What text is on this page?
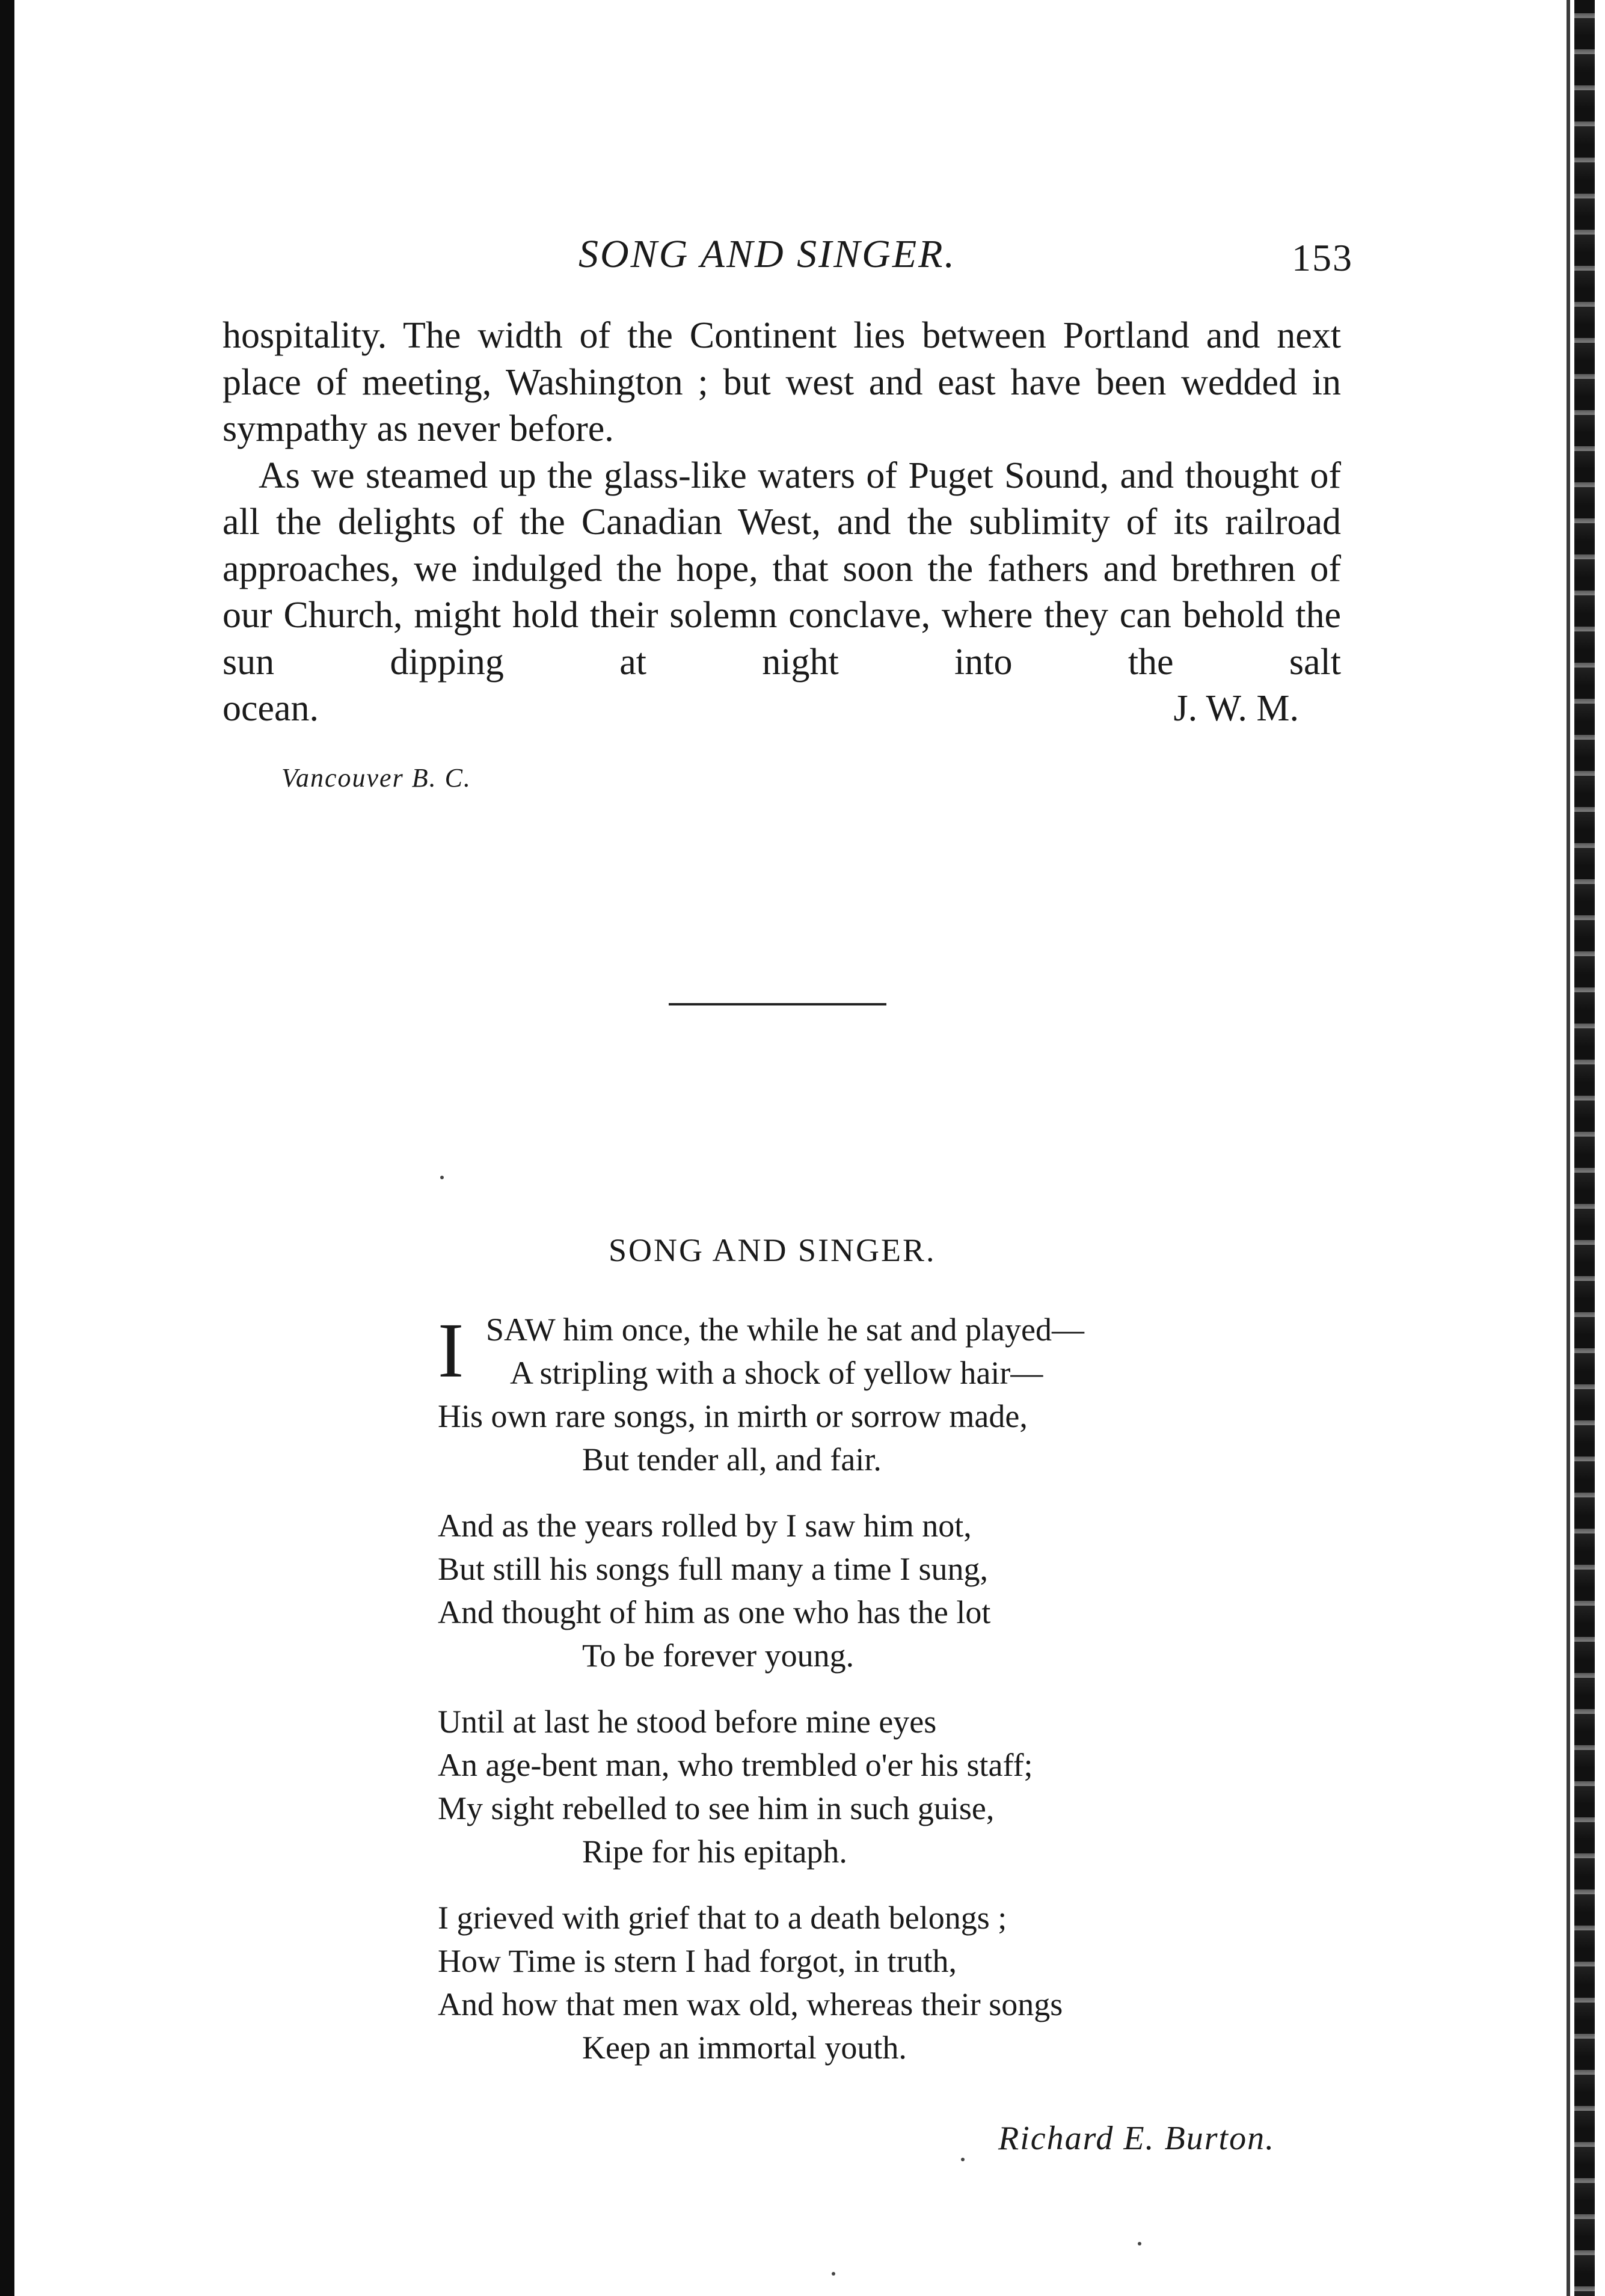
SONG AND SINGER.	153

hospitality. The width of the Continent lies between Portland and next place of meeting, Washington ; but west and east have been wedded in sympathy as never before.

As we steamed up the glass-like waters of Puget Sound, and thought of all the delights of the Canadian West, and the sublimity of its railroad approaches, we indulged the hope, that soon the fathers and brethren of our Church, might hold their solemn conclave, where they can behold the sun dipping at night into the salt

ocean.	J. W. M.
Vancouver B. C.
SONG AND SINGER.
I SAW him once, the while he sat and played—
A stripling with a shock of yellow hair—
His own rare songs, in mirth or sorrow made,
But tender all, and fair.
And as the years rolled by I saw him not,
But still his songs full many a time I sung,
And thought of him as one who has the lot
To be forever young.
Until at last he stood before mine eyes
An age-bent man, who trembled o'er his staff;
My sight rebelled to see him in such guise,
Ripe for his epitaph.
I grieved with grief that to a death belongs ;
How Time is stern I had forgot, in truth,
And how that men wax old, whereas their songs
Keep an immortal youth.
Richard E. Burton.
